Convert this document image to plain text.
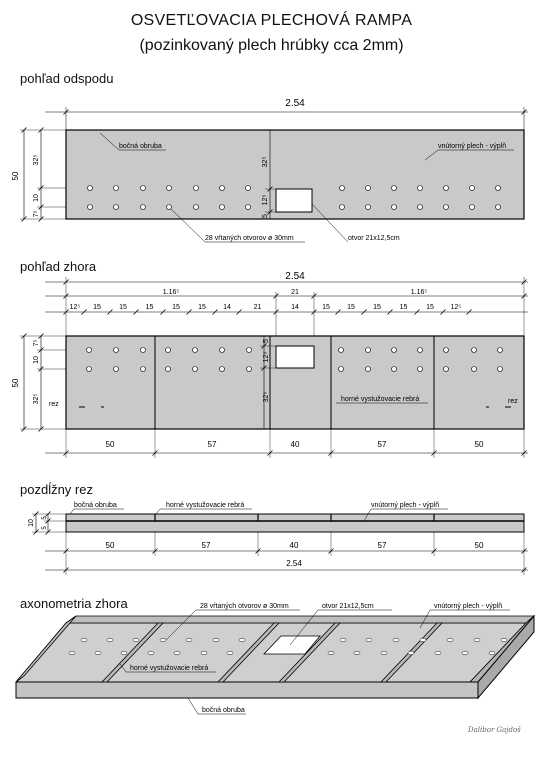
OSVETĽOVACIA PLECHOVÁ RAMPA
(pozinkovaný plech hrúbky cca 2mm)
pohľad odspodu
pohľad zhora
pozdĺžny rez
axonometria zhora
2.54
50
32⁵
10
7⁵
32⁵
12⁵
5
bočná obruba	vnútorný plech - výplň
28 vŕtaných otvorov ø 30mm	otvor 21x12,5cm
2.54
1.16⁵	21	1.16⁵
12⁵ 15	15	15	15	15 14	21	14	15 15	15	15	15 12⁵
rez	rez
horné vystužovacie rebrá
7⁵
10
50
32⁵
5
12⁵
32⁵
50	57	40	57	50
bočná obruba	horné vystužovacie rebrá	vnútorný plech - výplň
10
5
5
50	57	40	57	50
2.54
28 vŕtaných otvorov ø 30mm	otvor 21x12,5cm	vnútorný plech - výplň
horné vystužovacie rebrá
bočná obruba
Dalibor Gajdoš
